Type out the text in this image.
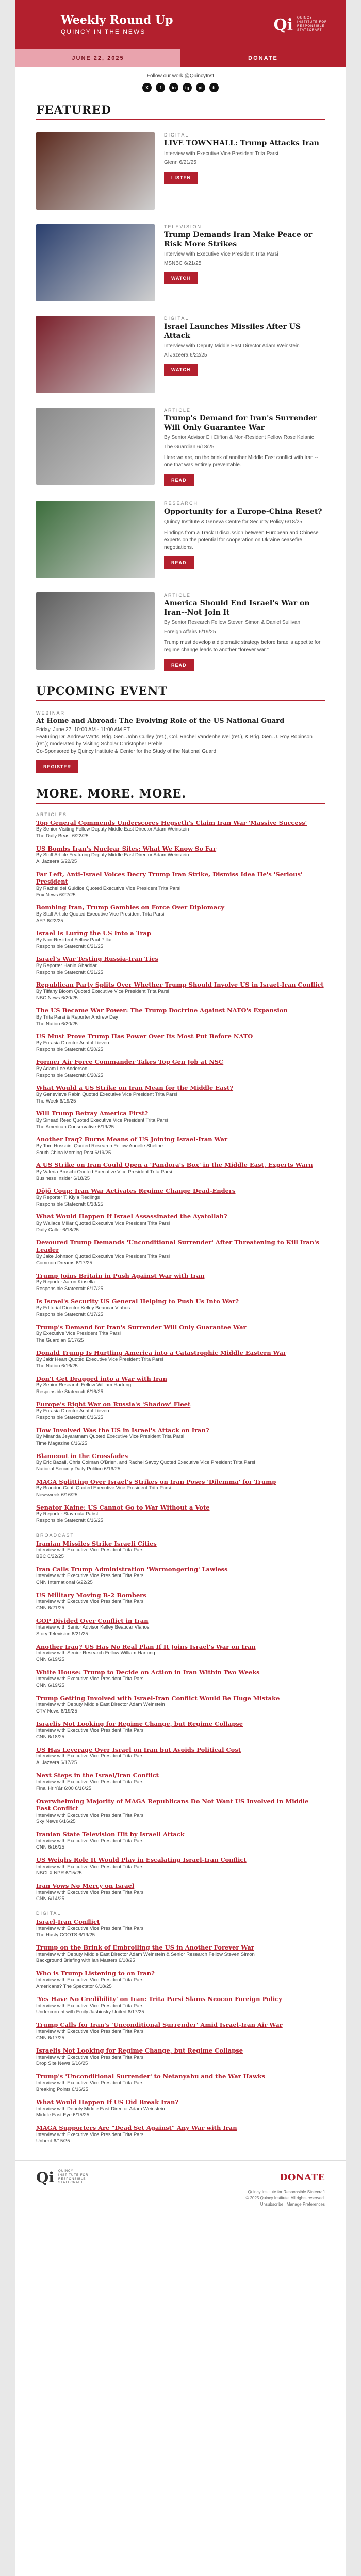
Weekly Round Up
QUINCY IN THE NEWS	Qi QUINCY INSTITUTE FOR RESPONSIBLE STATECRAFT
JUNE 22, 2025	DONATE
Follow our work @QuincyInst
X	f	in	ig	yt	tt
FEATURED
DIGITAL
LIVE TOWNHALL: Trump Attacks Iran
Interview with Executive Vice President Trita Parsi
Glenn 6/21/25
LISTEN
TELEVISION
Trump Demands Iran Make Peace or Risk More Strikes
Interview with Executive Vice President Trita Parsi
MSNBC 6/21/25
WATCH
DIGITAL
Israel Launches Missiles After US Attack
Interview with Deputy Middle East Director Adam Weinstein
Al Jazeera 6/22/25
WATCH
ARTICLE
Trump's Demand for Iran's Surrender Will Only Guarantee War
By Senior Advisor Eli Clifton & Non-Resident Fellow Rose Kelanic
The Guardian 6/18/25
Here we are, on the brink of another Middle East conflict with Iran -- one that was entirely preventable.
READ
RESEARCH
Opportunity for a Europe-China Reset?
Quincy Institute & Geneva Centre for Security Policy 6/18/25
Findings from a Track II discussion between European and Chinese experts on the potential for cooperation on Ukraine ceasefire negotiations.
READ
ARTICLE
America Should End Israel's War on Iran--Not Join It
By Senior Research Fellow Steven Simon & Daniel Sullivan
Foreign Affairs 6/19/25
Trump must develop a diplomatic strategy before Israel's appetite for regime change leads to another "forever war."
READ
UPCOMING EVENT
WEBINAR
At Home and Abroad: The Evolving Role of the US National Guard
Friday, June 27, 10:00 AM - 11:00 AM ET
Featuring Dr. Andrew Watts, Brig. Gen. John Curley (ret.), Col. Rachel Vandenheuvel (ret.), & Brig. Gen. J. Roy Robinson (ret.); moderated by Visiting Scholar Christopher Preble
Co-Sponsored by Quincy Institute & Center for the Study of the National Guard
REGISTER
MORE. MORE. MORE.
ARTICLES
Top General Commends Underscores Hegseth's Claim Iran War 'Massive Success'
By Senior Visiting Fellow Deputy Middle East Director Adam Weinstein
The Daily Beast 6/22/25
US Bombs Iran's Nuclear Sites: What We Know So Far
By Staff Article Featuring Deputy Middle East Director Adam Weinstein
Al Jazeera 6/22/25
Far Left, Anti-Israel Voices Decry Trump Iran Strike, Dismiss Idea He's 'Serious' President
By Rachel del Guidice Quoted Executive Vice President Trita Parsi
Fox News 6/22/25
Bombing Iran, Trump Gambles on Force Over Diplomacy
By Staff Article Quoted Executive Vice President Trita Parsi
AFP 6/22/25
Israel Is Luring the US Into a Trap
By Non-Resident Fellow Paul Pillar
Responsible Statecraft 6/21/25
Israel's War Testing Russia-Iran Ties
By Reporter Hanin Ghaddar
Responsible Statecraft 6/21/25
Republican Party Splits Over Whether Trump Should Involve US in Israel-Iran Conflict
By Tiffany Bloom Quoted Executive Vice President Trita Parsi
NBC News 6/20/25
The US Became War Power: The Trump Doctrine Against NATO's Expansion
By Trita Parsi & Reporter Andrew Day
The Nation 6/20/25
US Must Prove Trump Has Power Over Its Most Put Before NATO
By Eurasia Director Anatol Lieven
Responsible Statecraft 6/20/25
Former Air Force Commander Takes Top Gen Job at NSC
By Adam Lee Anderson
Responsible Statecraft 6/20/25
What Would a US Strike on Iran Mean for the Middle East?
By Genevieve Rabin Quoted Executive Vice President Trita Parsi
The Week 6/19/25
Will Trump Betray America First?
By Sinead Reed Quoted Executive Vice President Trita Parsi
The American Conservative 6/19/25
Another Iraq? Burns Means of US Joining Israel-Iran War
By Tom Hussaini Quoted Research Fellow Annelle Sheline
South China Morning Post 6/19/25
A US Strike on Iran Could Open a 'Pandora's Box' in the Middle East, Experts Warn
By Valeria Bruschi Quoted Executive Vice President Trita Parsi
Business Insider 6/18/25
Dōjō Coup: Iran War Activates Regime Change Dead-Enders
By Reporter T. Kiyla Redlings
Responsible Statecraft 6/18/25
What Would Happen If Israel Assassinated the Ayatollah?
By Wallace Millar Quoted Executive Vice President Trita Parsi
Daily Caller 6/18/25
Devoured Trump Demands 'Unconditional Surrender' After Threatening to Kill Iran's Leader
By Jake Johnson Quoted Executive Vice President Trita Parsi
Common Dreams 6/17/25
Trump Joins Britain in Push Against War with Iran
By Reporter Aaron Kinsella
Responsible Statecraft 6/17/25
Is Israel's Security US General Helping to Push Us Into War?
By Editorial Director Kelley Beaucar Vlahos
Responsible Statecraft 6/17/25
Trump's Demand for Iran's Surrender Will Only Guarantee War
By Executive Vice President Trita Parsi
The Guardian 6/17/25
Donald Trump Is Hurtling America into a Catastrophic Middle Eastern War
By Jakir Heart Quoted Executive Vice President Trita Parsi
The Nation 6/16/25
Don't Get Dragged into a War with Iran
By Senior Research Fellow William Hartung
Responsible Statecraft 6/16/25
Europe's Right War on Russia's 'Shadow' Fleet
By Eurasia Director Anatol Lieven
Responsible Statecraft 6/16/25
How Involved Was the US in Israel's Attack on Iran?
By Miranda Jeyaratnam Quoted Executive Vice President Trita Parsi
Time Magazine 6/16/25
Blameout in the Crossfades
By Eric Bazail, Chris Colman O'Brien, and Rachel Savoy Quoted Executive Vice President Trita Parsi
National Security Daily Politico 6/16/25
MAGA Splitting Over Israel's Strikes on Iran Poses 'Dilemma' for Trump
By Brandon Conti Quoted Executive Vice President Trita Parsi
Newsweek 6/16/25
Senator Kaine: US Cannot Go to War Without a Vote
By Reporter Stavroula Pabst
Responsible Statecraft 6/16/25
BROADCAST
Iranian Missiles Strike Israeli Cities
Interview with Executive Vice President Trita Parsi
BBC 6/22/25
Iran Calls Trump Administration 'Warmongering' Lawless
Interview with Executive Vice President Trita Parsi
CNN International 6/22/25
US Military Moving B-2 Bombers
Interview with Executive Vice President Trita Parsi
CNN 6/21/25
GOP Divided Over Conflict in Iran
Interview with Senior Advisor Kelley Beaucar Vlahos
Story Television 6/21/25
Another Iraq? US Has No Real Plan If It Joins Israel's War on Iran
Interview with Senior Research Fellow William Hartung
CNN 6/19/25
White House: Trump to Decide on Action in Iran Within Two Weeks
Interview with Executive Vice President Trita Parsi
CNN 6/19/25
Trump Getting Involved with Israel-Iran Conflict Would Be Huge Mistake
Interview with Deputy Middle East Director Adam Weinstein
CTV News 6/19/25
Israelis Not Looking for Regime Change, but Regime Collapse
Interview with Executive Vice President Trita Parsi
CNN 6/18/25
US Has Leverage Over Israel on Iran but Avoids Political Cost
Interview with Executive Vice President Trita Parsi
Al Jazeera 6/17/25
Next Steps in the Israel/Iran Conflict
Interview with Executive Vice President Trita Parsi
Final Hr Y&r 6:00 6/16/25
Overwhelming Majority of MAGA Republicans Do Not Want US Involved in Middle East Conflict
Interview with Executive Vice President Trita Parsi
Sky News 6/16/25
Iranian State Television Hit by Israeli Attack
Interview with Executive Vice President Trita Parsi
CNN 6/16/25
US Weighs Role It Would Play in Escalating Israel-Iran Conflict
Interview with Executive Vice President Trita Parsi
NBCLX NPR 6/15/25
Iran Vows No Mercy on Israel
Interview with Executive Vice President Trita Parsi
CNN 6/14/25
DIGITAL
Israel-Iran Conflict
Interview with Executive Vice President Trita Parsi
The Hasty COOTS 6/19/25
Trump on the Brink of Embroiling the US in Another Forever War
Interview with Deputy Middle East Director Adam Weinstein & Senior Research Fellow Steven Simon
Background Briefing with Ian Masters 6/18/25
Who is Trump Listening to on Iran?
Interview with Executive Vice President Trita Parsi
Americans? The Spectator 6/18/25
'Yes Have No Credibility' on Iran: Trita Parsi Slams Neocon Foreign Policy
Interview with Executive Vice President Trita Parsi
Undercurrent with Emily Jashinsky United 6/17/25
Trump Calls for Iran's 'Unconditional Surrender' Amid Israel-Iran Air War
Interview with Executive Vice President Trita Parsi
CNN 6/17/25
Israelis Not Looking for Regime Change, but Regime Collapse
Interview with Executive Vice President Trita Parsi
Drop Site News 6/16/25
Trump's 'Unconditional Surrender' to Netanyahu and the War Hawks
Interview with Executive Vice President Trita Parsi
Breaking Points 6/16/25
What Would Happen If US Did Break Iran?
Interview with Deputy Middle East Director Adam Weinstein
Middle East Eye 6/15/25
MAGA Supporters Are "Dead Set Against" Any War with Iran
Interview with Executive Vice President Trita Parsi
Unherd 6/15/25
Qi QUINCY INSTITUTE FOR RESPONSIBLE STATECRAFT
DONATE
Quincy Institute for Responsible Statecraft
© 2025 Quincy Institute. All rights reserved.
Unsubscribe | Manage Preferences
